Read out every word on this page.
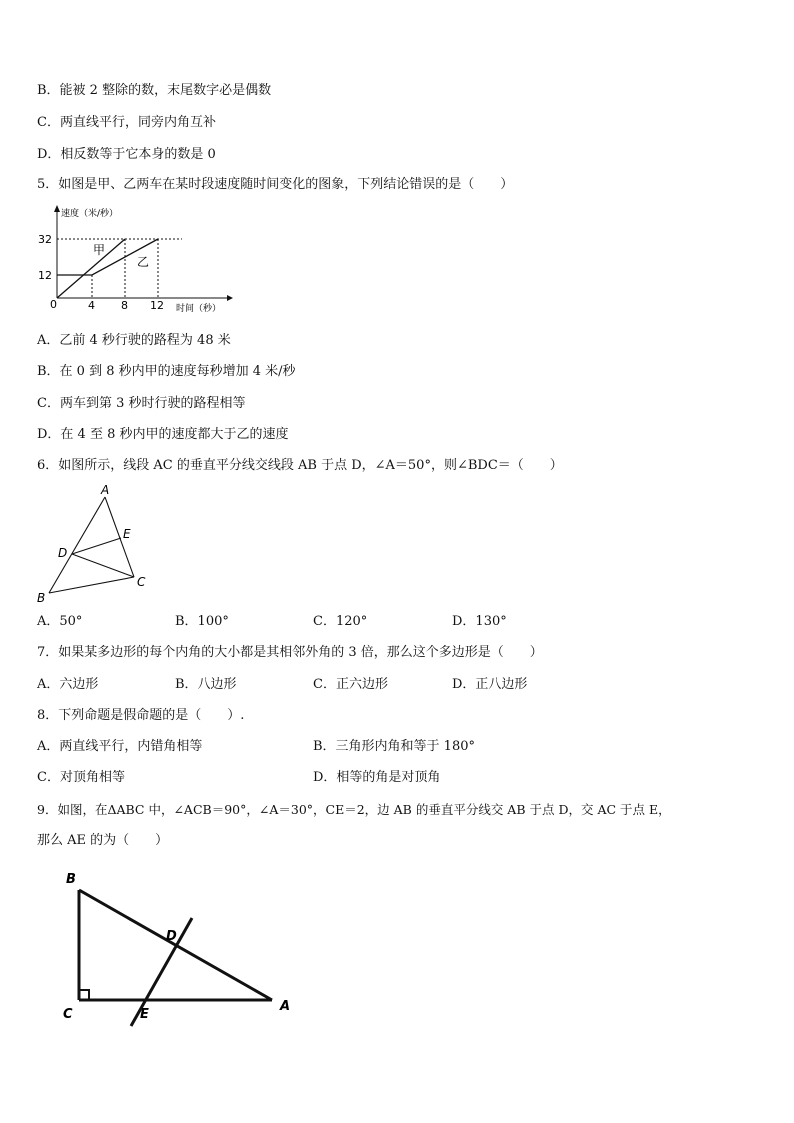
B．能被 2 整除的数，末尾数字必是偶数
C．两直线平行，同旁内角互补
D．相反数等于它本身的数是 0
5．如图是甲、乙两车在某时段速度随时间变化的图象，下列结论错误的是（　　）
速度（米/秒）
时间（秒）
0	4 8 12
12
32
甲
乙
A．乙前 4 秒行驶的路程为 48 米
B．在 0 到 8 秒内甲的速度每秒增加 4 米/秒
C．两车到第 3 秒时行驶的路程相等
D．在 4 至 8 秒内甲的速度都大于乙的速度
6．如图所示，线段 AC 的垂直平分线交线段 AB 于点 D，∠A＝50°，则∠BDC＝（　　）
A
E
D
B
C
A．50°	B．100°	C．120°	D．130°
7．如果某多边形的每个内角的大小都是其相邻外角的 3 倍，那么这个多边形是（　　）
A．六边形	B．八边形	C．正六边形	D．正八边形
8．下列命题是假命题的是（　　）.
A．两直线平行，内错角相等	B．三角形内角和等于 180°
C．对顶角相等	D．相等的角是对顶角
9．如图，在ΔABC 中，∠ACB＝90°，∠A＝30°，CE＝2，边 AB 的垂直平分线交 AB 于点 D，交 AC 于点 E，
那么 AE 的为（　　）
B
D
A
C	E
